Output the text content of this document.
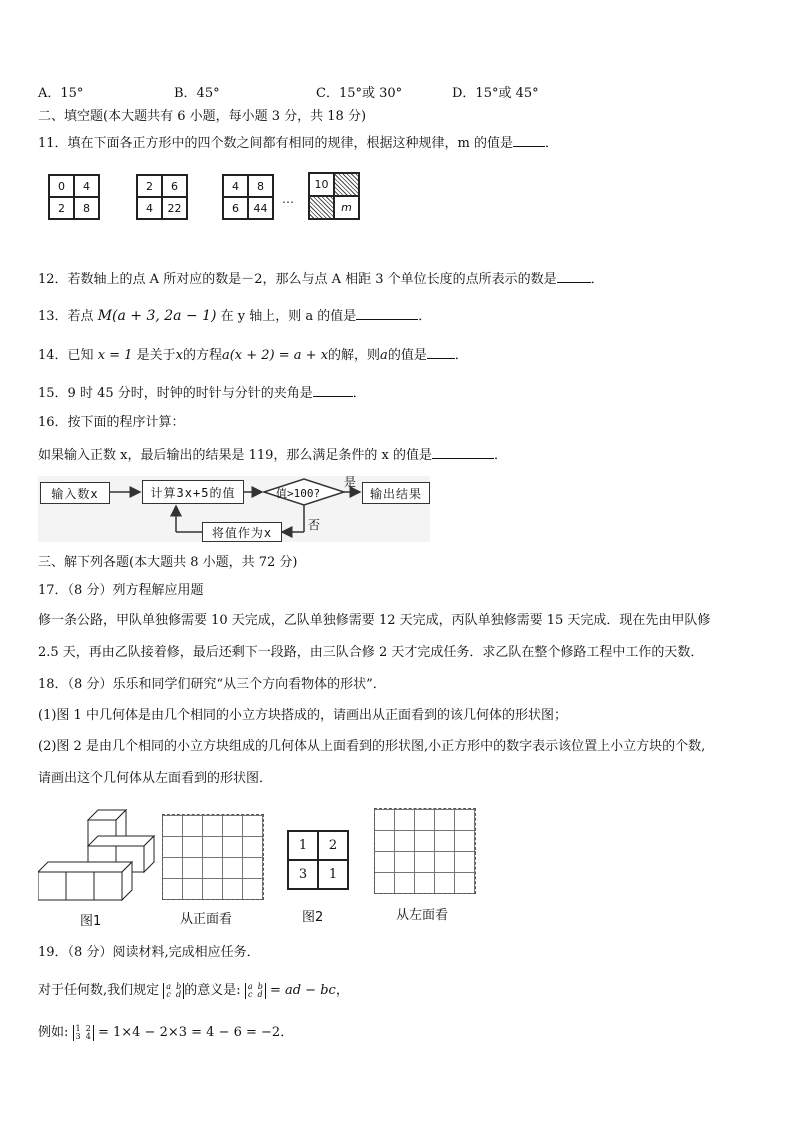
A．15°	B．45°	C．15°或 30°	D．15°或 45°
二、填空题(本大题共有 6 小题，每小题 3 分，共 18 分)
11．填在下面各正方形中的四个数之间都有相同的规律，根据这种规律，m 的值是 ．
0	4
2	8
2	6
4	22
4	8
6	44
…
10
m
12．若数轴上的点 A 所对应的数是－2，那么与点 A 相距 3 个单位长度的点所表示的数是	．
13．若点 M(a + 3, 2a − 1) 在 y 轴上，则 a 的值是	．
14．已知 x = 1 是关于x的方程a(x + 2) = a + x的解，则a的值是 ．
15．9 时 45 分时，时钟的时针与分针的夹角是	．
16．按下面的程序计算：
如果输入正数 x，最后输出的结果是 119，那么满足条件的 x 的值是	．
输入数x	计算3x+5的值	值>100?
是
输出结果
否
将值作为x
三、解下列各题(本大题共 8 小题，共 72 分)
17．（8 分）列方程解应用题
修一条公路，甲队单独修需要 10 天完成，乙队单独修需要 12 天完成，丙队单独修需要 15 天完成．现在先由甲队修
2.5 天，再由乙队接着修，最后还剩下一段路，由三队合修 2 天才完成任务．求乙队在整个修路工程中工作的天数．
18．（8 分）乐乐和同学们研究“从三个方向看物体的形状”．
(1)图 1 中几何体是由几个相同的小立方块搭成的，请画出从正面看到的该几何体的形状图；
(2)图 2 是由几个相同的小立方块组成的几何体从上面看到的形状图,小正方形中的数字表示该位置上小立方块的个数,
请画出这个几何体从左面看到的形状图．
图1	从正面看
1	2
3	1
图2	从左面看
19．（8 分）阅读材料,完成相应任务．
对于任何数,我们规定 a b
c d 的意义是: a b
c d = ad − bc，
例如: 1 2
3 4 = 1×4 − 2×3 = 4 − 6 = −2．
